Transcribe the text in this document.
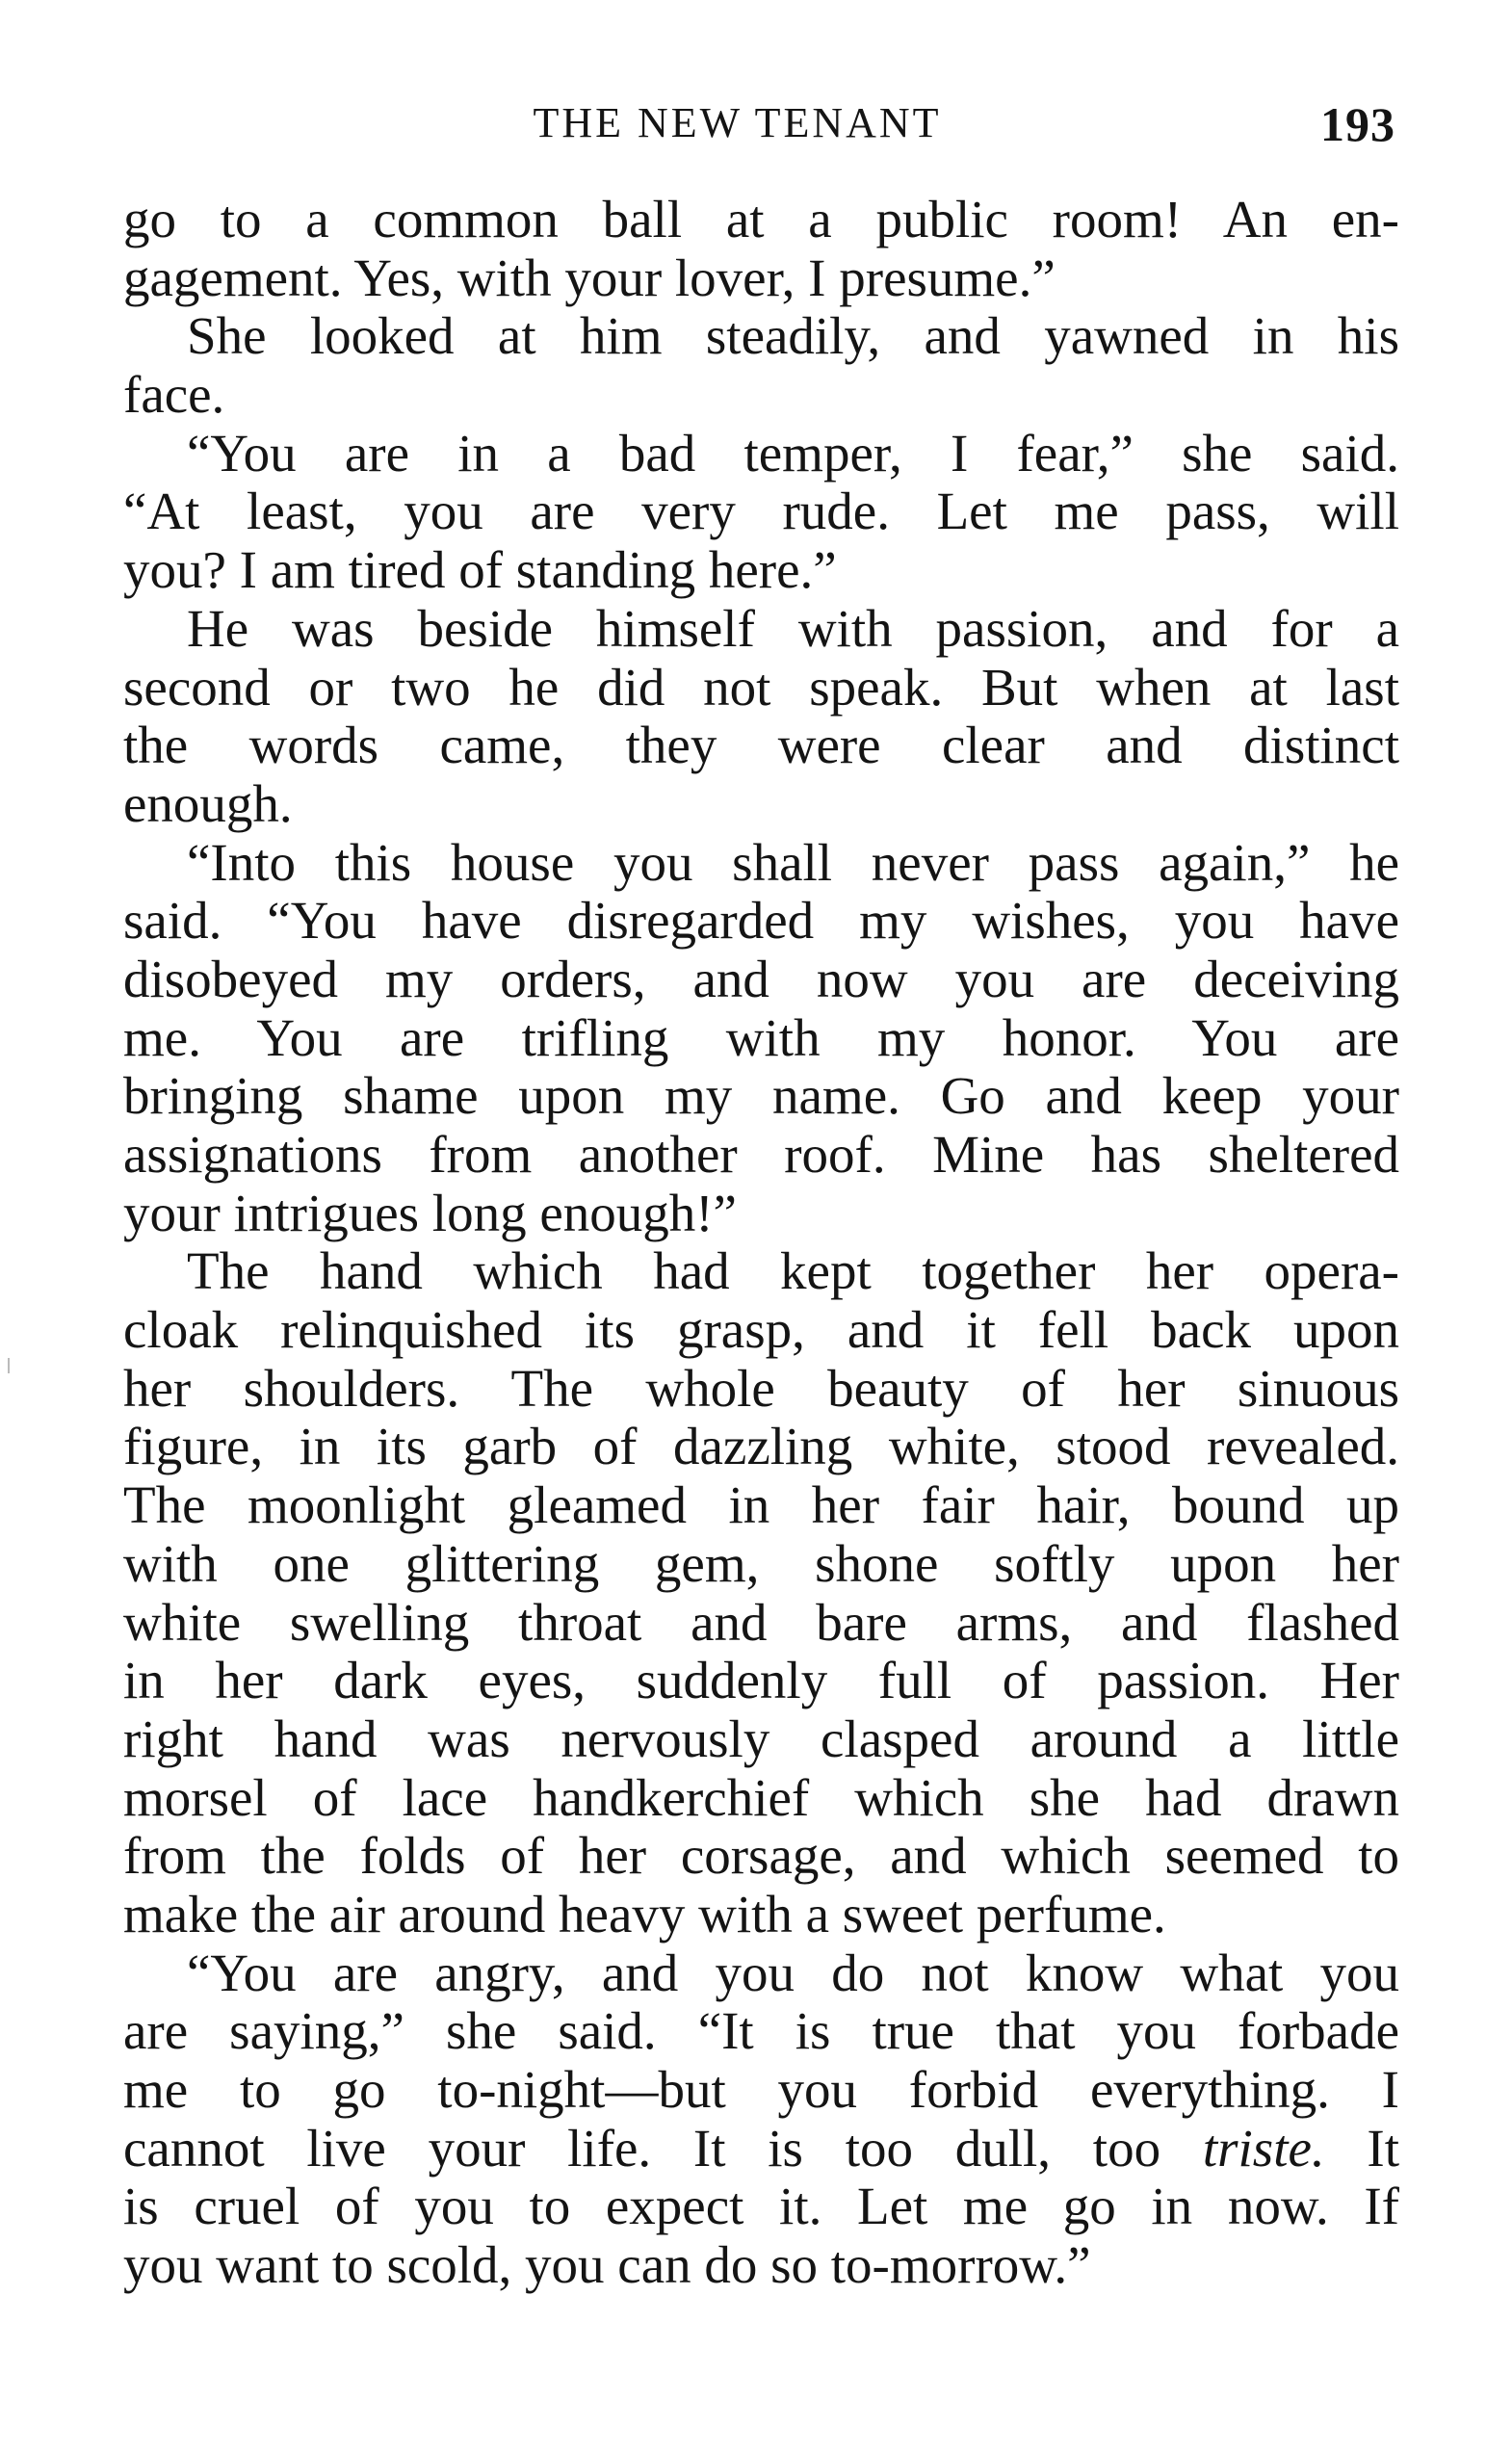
THE NEW TENANT	193
go to a common ball at a public room! An en-
gagement. Yes, with your lover, I presume.”
She looked at him steadily, and yawned in his
face.
“You are in a bad temper, I fear,” she said.
“At least, you are very rude. Let me pass, will
you? I am tired of standing here.”
He was beside himself with passion, and for a
second or two he did not speak. But when at last
the words came, they were clear and distinct
enough.
“Into this house you shall never pass again,” he
said. “You have disregarded my wishes, you have
disobeyed my orders, and now you are deceiving
me. You are trifling with my honor. You are
bringing shame upon my name. Go and keep your
assignations from another roof. Mine has sheltered
your intrigues long enough!”
The hand which had kept together her opera-
cloak relinquished its grasp, and it fell back upon
her shoulders. The whole beauty of her sinuous
figure, in its garb of dazzling white, stood revealed.
The moonlight gleamed in her fair hair, bound up
with one glittering gem, shone softly upon her
white swelling throat and bare arms, and flashed
in her dark eyes, suddenly full of passion. Her
right hand was nervously clasped around a little
morsel of lace handkerchief which she had drawn
from the folds of her corsage, and which seemed to
make the air around heavy with a sweet perfume.
“You are angry, and you do not know what you
are saying,” she said. “It is true that you forbade
me to go to-night—but you forbid everything. I
cannot live your life. It is too dull, too triste. It
is cruel of you to expect it. Let me go in now. If
you want to scold, you can do so to-morrow.”
